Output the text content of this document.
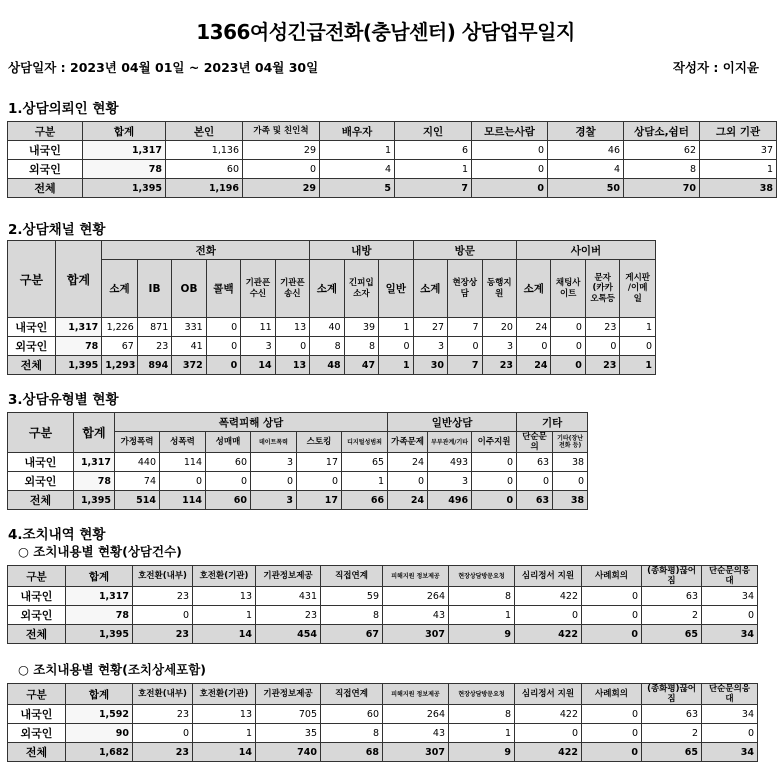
1366여성긴급전화(충남센터) 상담업무일지
상담일자 : 2023년 04월 01일 ~ 2023년 04월 30일	작성자 : 이지윤
1.상담의뢰인 현황
구분	합계	본인	가족 및 친인척	배우자	지인	모르는사람	경찰	상담소,쉼터	그외 기관
내국인	1,317	1,136	29	1	6	0	46	62	37
외국인	78	60	0	4	1	0	4	8	1
전체	1,395	1,196	29	5	7	0	50	70	38
2.상담채널 현황
구분	합계	전화						내방			방문			사이버			
		소계	IB	OB	콜백	기관픈 수신	기관픈 송신	소계	긴피입 소자	일반	소계	현장상 담	동행지 원	소계	채팅사 이트	문자 (카카 오톡등	게시판 /이메 일
내국인	1,317	1,226	871	331	0	11	13	40	39	1	27	7	20	24	0	23	1
외국인	78	67	23	41	0	3	0	8	8	0	3	0	3	0	0	0	0
전체	1,395	1,293	894	372	0	14	13	48	47	1	30	7	23	24	0	23	1
3.상담유형별 현황
구분	합계	폭력피해 상담						일반상담			기타	
		가정폭력	성폭력	성매매	데이트폭력	스토킹	디지털성범죄	가족문제	부부관계/기타	이주지원	단순문의	기타(장난전화 등)
내국인	1,317	440	114	60	3	17	65	24	493	0	63	38
외국인	78	74	0	0	0	0	1	0	3	0	0	0
전체	1,395	514	114	60	3	17	66	24	496	0	63	38
4.조치내역 현황
○ 조치내용별 현황(상담건수)
구분	합계	호전환(내부)	호전환(기관)	기관정보제공	직접연계	피해지원 정보제공	현장상담방문요청	심리정서 지원	사례회의	(종화평)끊어짐	단순문의응대
내국인	1,317	23	13	431	59	264	8	422	0	63	34
외국인	78	0	1	23	8	43	1	0	0	2	0
전체	1,395	23	14	454	67	307	9	422	0	65	34
○ 조치내용별 현황(조치상세포함)
구분	합계	호전환(내부)	호전환(기관)	기관정보제공	직접연계	피해지원 정보제공	현장상담방문요청	심리정서 지원	사례회의	(종화평)끊어짐	단순문의응대
내국인	1,592	23	13	705	60	264	8	422	0	63	34
외국인	90	0	1	35	8	43	1	0	0	2	0
전체	1,682	23	14	740	68	307	9	422	0	65	34
